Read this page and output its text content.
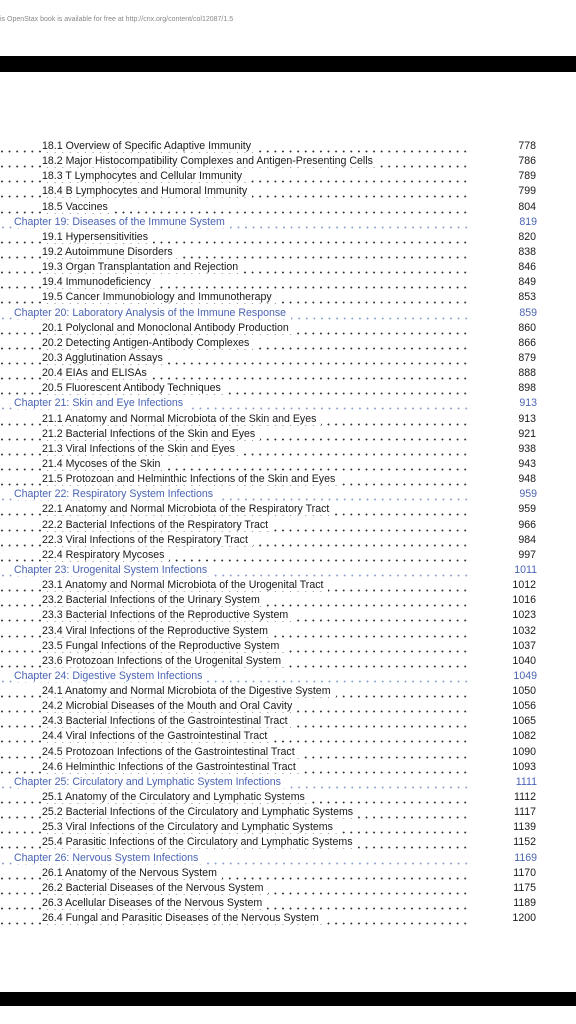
is OpenStax book is available for free at http://cnx.org/content/col12087/1.5
18.1 Overview of Specific Adaptive Immunity	778
18.2 Major Histocompatibility Complexes and Antigen-Presenting Cells	786
18.3 T Lymphocytes and Cellular Immunity	789
18.4 B Lymphocytes and Humoral Immunity	799
18.5 Vaccines	804
Chapter 19: Diseases of the Immune System	819
19.1 Hypersensitivities	820
19.2 Autoimmune Disorders	838
19.3 Organ Transplantation and Rejection	846
19.4 Immunodeficiency	849
19.5 Cancer Immunobiology and Immunotherapy	853
Chapter 20: Laboratory Analysis of the Immune Response	859
20.1 Polyclonal and Monoclonal Antibody Production	860
20.2 Detecting Antigen-Antibody Complexes	866
20.3 Agglutination Assays	879
20.4 EIAs and ELISAs	888
20.5 Fluorescent Antibody Techniques	898
Chapter 21: Skin and Eye Infections	913
21.1 Anatomy and Normal Microbiota of the Skin and Eyes	913
21.2 Bacterial Infections of the Skin and Eyes	921
21.3 Viral Infections of the Skin and Eyes	938
21.4 Mycoses of the Skin	943
21.5 Protozoan and Helminthic Infections of the Skin and Eyes	948
Chapter 22: Respiratory System Infections	959
22.1 Anatomy and Normal Microbiota of the Respiratory Tract	959
22.2 Bacterial Infections of the Respiratory Tract	966
22.3 Viral Infections of the Respiratory Tract	984
22.4 Respiratory Mycoses	997
Chapter 23: Urogenital System Infections	1011
23.1 Anatomy and Normal Microbiota of the Urogenital Tract	1012
23.2 Bacterial Infections of the Urinary System	1016
23.3 Bacterial Infections of the Reproductive System	1023
23.4 Viral Infections of the Reproductive System	1032
23.5 Fungal Infections of the Reproductive System	1037
23.6 Protozoan Infections of the Urogenital System	1040
Chapter 24: Digestive System Infections	1049
24.1 Anatomy and Normal Microbiota of the Digestive System	1050
24.2 Microbial Diseases of the Mouth and Oral Cavity	1056
24.3 Bacterial Infections of the Gastrointestinal Tract	1065
24.4 Viral Infections of the Gastrointestinal Tract	1082
24.5 Protozoan Infections of the Gastrointestinal Tract	1090
24.6 Helminthic Infections of the Gastrointestinal Tract	1093
Chapter 25: Circulatory and Lymphatic System Infections	1111
25.1 Anatomy of the Circulatory and Lymphatic Systems	1112
25.2 Bacterial Infections of the Circulatory and Lymphatic Systems	1117
25.3 Viral Infections of the Circulatory and Lymphatic Systems	1139
25.4 Parasitic Infections of the Circulatory and Lymphatic Systems	1152
Chapter 26: Nervous System Infections	1169
26.1 Anatomy of the Nervous System	1170
26.2 Bacterial Diseases of the Nervous System	1175
26.3 Acellular Diseases of the Nervous System	1189
26.4 Fungal and Parasitic Diseases of the Nervous System	1200
